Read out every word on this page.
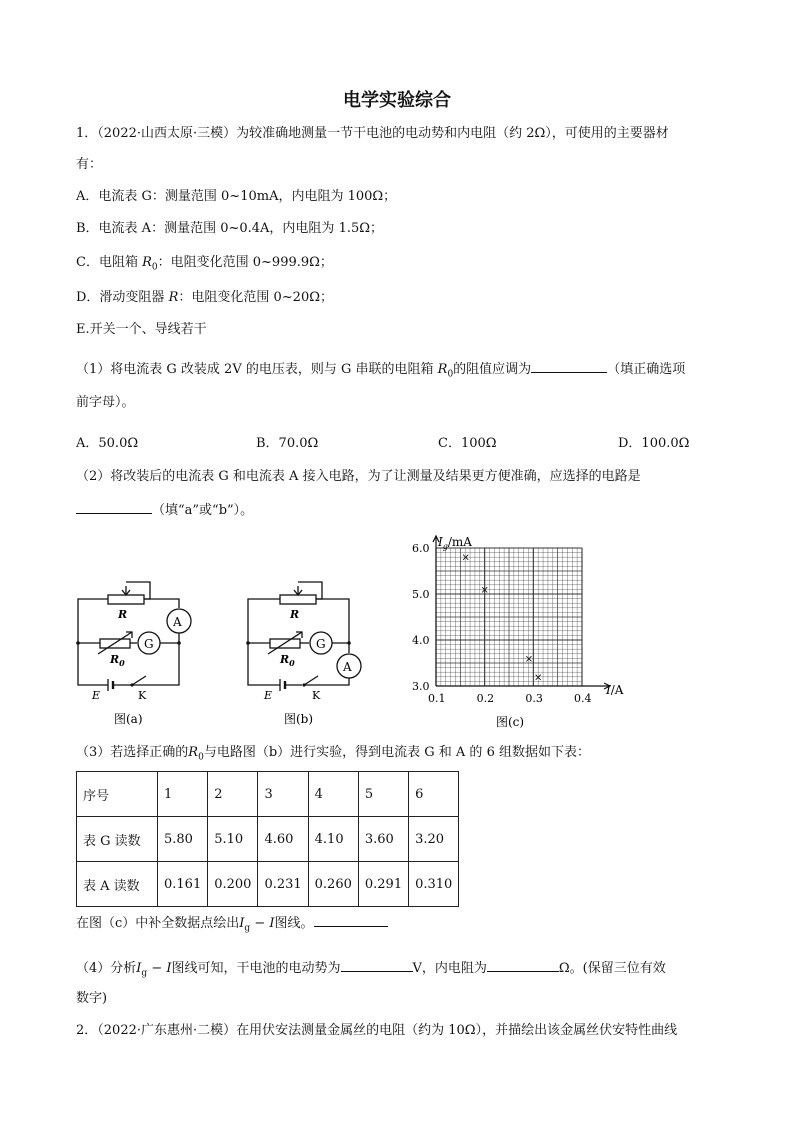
电学实验综合
1．（2022·山西太原·三模）为较准确地测量一节干电池的电动势和内电阻（约 2Ω），可使用的主要器材
有：
A．电流表 G：测量范围 0~10mA，内电阻为 100Ω；
B．电流表 A：测量范围 0~0.4A，内电阻为 1.5Ω；
C．电阻箱 $R_0$：电阻变化范围 0~999.9Ω；
D．滑动变阻器 R：电阻变化范围 0~20Ω；
E.开关一个、导线若干
（1）将电流表 G 改装成 2V 的电压表，则与 G 串联的电阻箱 $R_0$的阻值应调为	（填正确选项
前字母）。
A．50.0Ω	B．70.0Ω	C．100Ω	D．100.0Ω
（2）将改装后的电流表 G 和电流表 A 接入电路，为了让测量及结果更方便准确，应选择的电路是
（填“a”或“b”）。
R
A
G
$R_0$
E	K
图(a)
R
G
A
$R_0$
E	K
图(b)
0.1	0.2	0.3	0.4
3.0
4.0
5.0
6.0
×
×
×
×
$I_g/mA$
I/A
图(c)
（3）若选择正确的$R_0$与电路图（b）进行实验，得到电流表 G 和 A 的 6 组数据如下表：
序号	1	2	3	4	5	6
表 G 读数	5.80	5.10	4.60	4.10	3.60	3.20
表 A 读数	0.161	0.200	0.231	0.260	0.291	0.310
在图（c）中补全数据点绘出$I_g - I$图线。
（4）分析$I_g - I$图线可知，干电池的电动势为	V，内电阻为	Ω。(保留三位有效
数字)
2．（2022·广东惠州·二模）在用伏安法测量金属丝的电阻（约为 10Ω），并描绘出该金属丝伏安特性曲线
